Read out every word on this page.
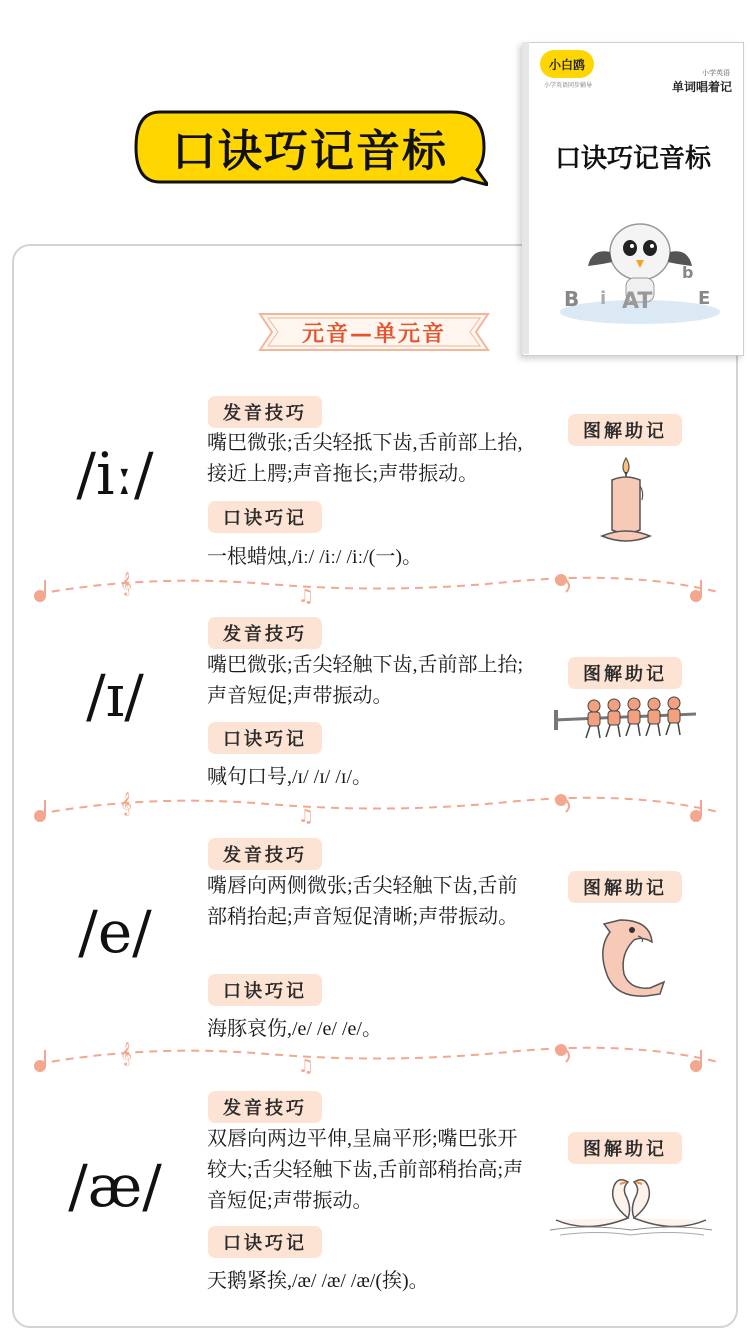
口诀巧记音标
小白鸥
小学英语同步辅导
小学英语
单词唱着记
口诀巧记音标
B i AT
b
E
元音—单元音
/iː/
发音技巧
嘴巴微张;舌尖轻抵下齿,舌前部上抬,接近上腭;声音拖长;声带振动。
口诀巧记
一根蜡烛,/iː/ /iː/ /iː/(一)。
图解助记
𝄞
♫
/ɪ/
发音技巧
嘴巴微张;舌尖轻触下齿,舌前部上抬;声音短促;声带振动。
口诀巧记
喊句口号,/ɪ/ /ɪ/ /ɪ/。
图解助记
𝄞
♫
/e/
发音技巧
嘴唇向两侧微张;舌尖轻触下齿,舌前部稍抬起;声音短促清晰;声带振动。
口诀巧记
海豚哀伤,/e/ /e/ /e/。
图解助记
𝄞
♫
/æ/
发音技巧
双唇向两边平伸,呈扁平形;嘴巴张开较大;舌尖轻触下齿,舌前部稍抬高;声音短促;声带振动。
口诀巧记
天鹅紧挨,/æ/ /æ/ /æ/(挨)。
图解助记
